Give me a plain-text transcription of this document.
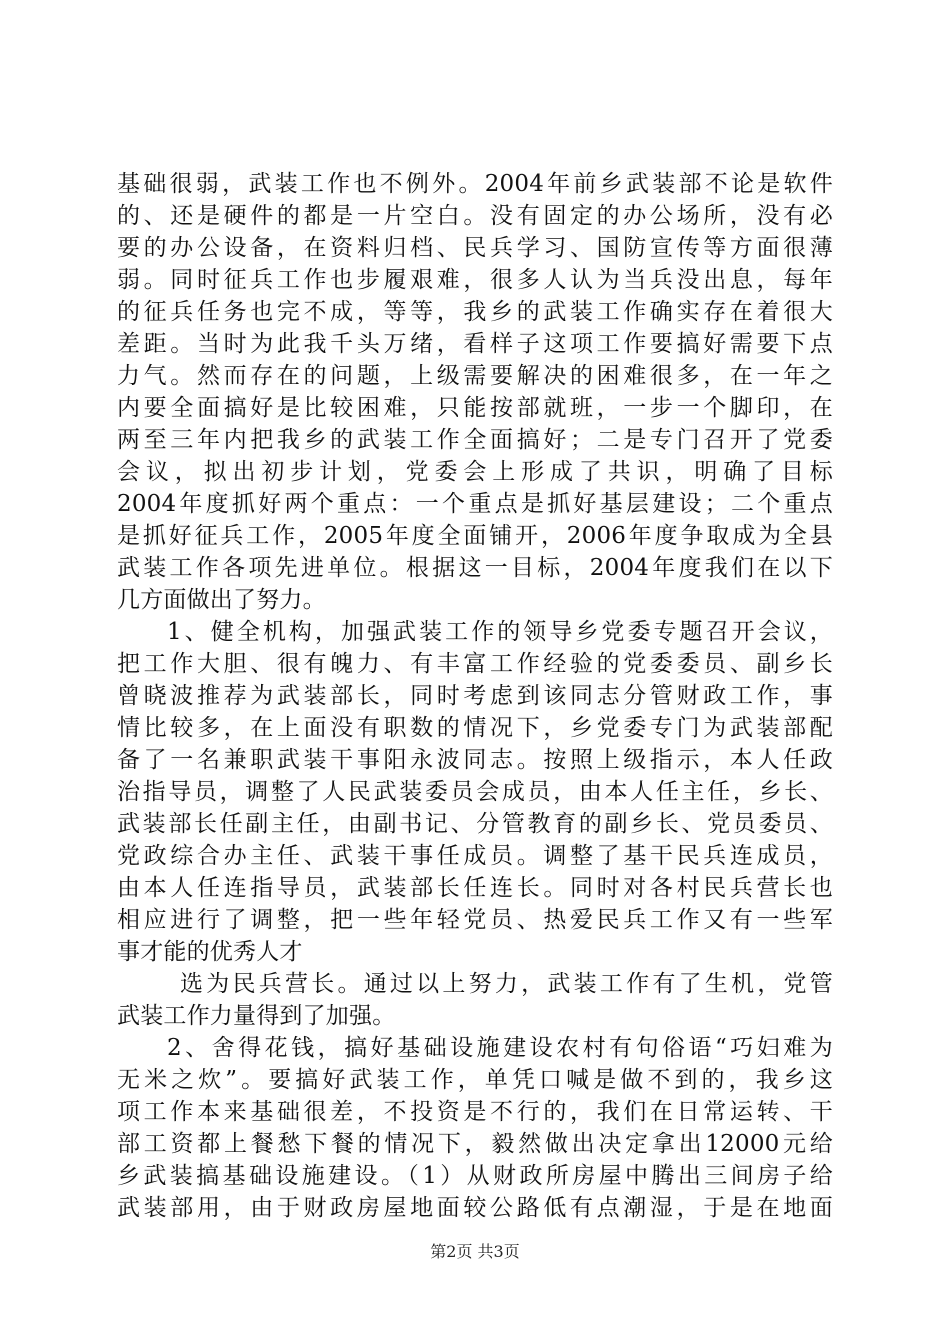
基础很弱，武装工作也不例外。2004年前乡武装部不论是软件
的、还是硬件的都是一片空白。没有固定的办公场所，没有必
要的办公设备，在资料归档、民兵学习、国防宣传等方面很薄
弱。同时征兵工作也步履艰难，很多人认为当兵没出息，每年
的征兵任务也完不成，等等，我乡的武装工作确实存在着很大
差距。当时为此我千头万绪，看样子这项工作要搞好需要下点
力气。然而存在的问题，上级需要解决的困难很多，在一年之
内要全面搞好是比较困难，只能按部就班，一步一个脚印，在
两至三年内把我乡的武装工作全面搞好；二是专门召开了党委
会议，拟出初步计划，党委会上形成了共识，明确了目标
2004年度抓好两个重点：一个重点是抓好基层建设；二个重点
是抓好征兵工作，2005年度全面铺开，2006年度争取成为全县
武装工作各项先进单位。根据这一目标，2004年度我们在以下
几方面做出了努力。
1、健全机构，加强武装工作的领导乡党委专题召开会议，
把工作大胆、很有魄力、有丰富工作经验的党委委员、副乡长
曾晓波推荐为武装部长，同时考虑到该同志分管财政工作，事
情比较多，在上面没有职数的情况下，乡党委专门为武装部配
备了一名兼职武装干事阳永波同志。按照上级指示，本人任政
治指导员，调整了人民武装委员会成员，由本人任主任，乡长、
武装部长任副主任，由副书记、分管教育的副乡长、党员委员、
党政综合办主任、武装干事任成员。调整了基干民兵连成员，
由本人任连指导员，武装部长任连长。同时对各村民兵营长也
相应进行了调整，把一些年轻党员、热爱民兵工作又有一些军
事才能的优秀人才
选为民兵营长。通过以上努力，武装工作有了生机，党管
武装工作力量得到了加强。
2、舍得花钱，搞好基础设施建设农村有句俗语“巧妇难为
无米之炊”。要搞好武装工作，单凭口喊是做不到的，我乡这
项工作本来基础很差，不投资是不行的，我们在日常运转、干
部工资都上餐愁下餐的情况下，毅然做出决定拿出12000元给
乡武装搞基础设施建设。（1）从财政所房屋中腾出三间房子给
武装部用，由于财政房屋地面较公路低有点潮湿，于是在地面
第2页 共3页
